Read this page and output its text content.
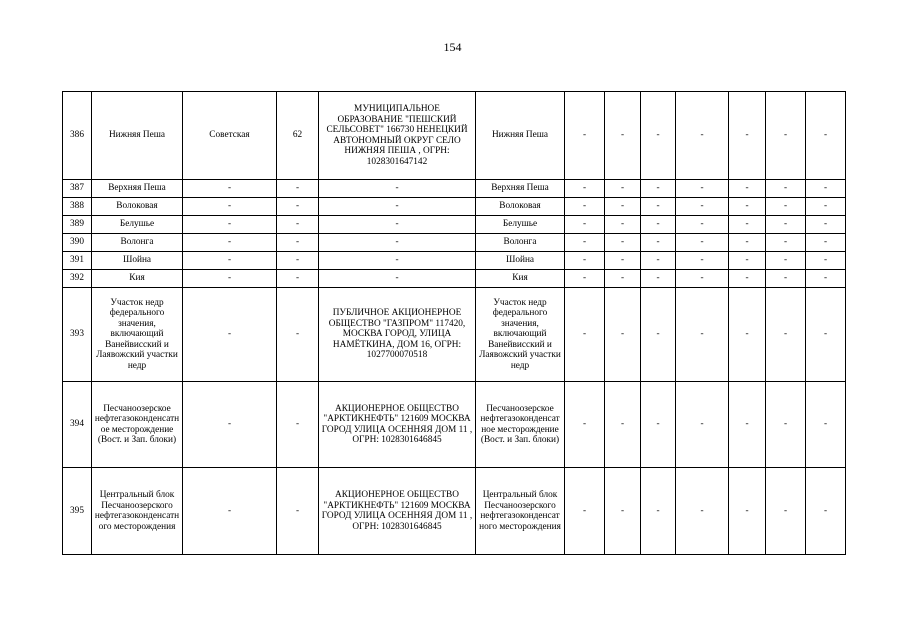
154
386	Нижняя Пеша	Советская	62	МУНИЦИПАЛЬНОЕ ОБРАЗОВАНИЕ "ПЕШСКИЙ СЕЛЬСОВЕТ" 166730 НЕНЕЦКИЙ АВТОНОМНЫЙ ОКРУГ СЕЛО НИЖНЯЯ ПЕША , ОГРН: 1028301647142	Нижняя Пеша	-	-	-	-	-	-	-
387	Верхняя Пеша	-	-	-	Верхняя Пеша	-	-	-	-	-	-	-
388	Волоковая	-	-	-	Волоковая	-	-	-	-	-	-	-
389	Белушье	-	-	-	Белушье	-	-	-	-	-	-	-
390	Волонга	-	-	-	Волонга	-	-	-	-	-	-	-
391	Шойна	-	-	-	Шойна	-	-	-	-	-	-	-
392	Кия	-	-	-	Кия	-	-	-	-	-	-	-
393	Участок недр федерального значения, включающий Ванейвисский и Лаявожский участки недр	-	-	ПУБЛИЧНОЕ АКЦИОНЕРНОЕ ОБЩЕСТВО "ГАЗПРОМ" 117420, МОСКВА ГОРОД, УЛИЦА НАМЁТКИНА, ДОМ 16, ОГРН: 1027700070518	Участок недр федерального значения, включающий Ванейвисский и Лаявожский участки недр	-	-	-	-	-	-	-
394	Песчаноозерское нефтегазоконденсатное месторождение (Вост. и Зап. блоки)	-	-	АКЦИОНЕРНОЕ ОБЩЕСТВО "АРКТИКНЕФТЬ" 121609 МОСКВА ГОРОД УЛИЦА ОСЕННЯЯ ДОМ 11 , ОГРН: 1028301646845	Песчаноозерское нефтегазоконденсатное месторождение (Вост. и Зап. блоки)	-	-	-	-	-	-	-
395	Центральный блок Песчаноозерского нефтегазоконденсатного месторождения	-	-	АКЦИОНЕРНОЕ ОБЩЕСТВО "АРКТИКНЕФТЬ" 121609 МОСКВА ГОРОД УЛИЦА ОСЕННЯЯ ДОМ 11 , ОГРН: 1028301646845	Центральный блок Песчаноозерского нефтегазоконденсатного месторождения	-	-	-	-	-	-	-
